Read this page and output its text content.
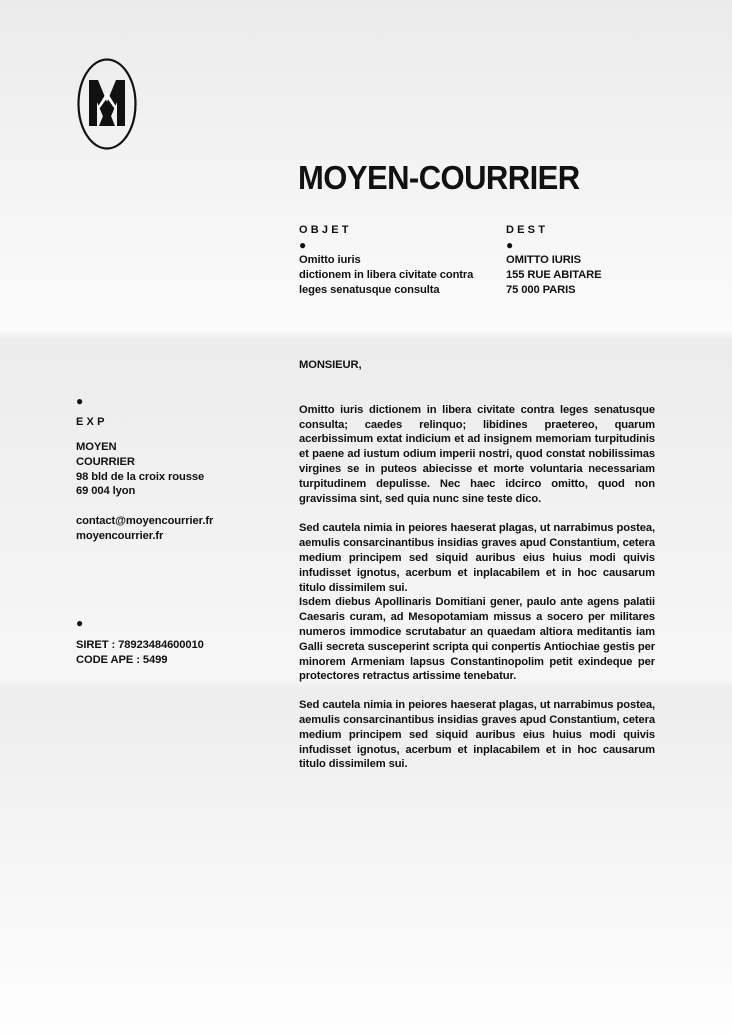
MOYEN-COURRIER
OBJET
●
Omitto iuris
dictionem in libera civitate contra
leges senatusque consulta
DEST
●
OMITTO IURIS
155 RUE ABITARE
75 000 PARIS
●
EXP
MOYEN
COURRIER
98 bld de la croix rousse
69 004 lyon
contact@moyencourrier.fr
moyencourrier.fr
●
SIRET : 78923484600010
CODE APE : 5499
MONSIEUR,

Omitto iuris dictionem in libera civitate contra leges senatusque consulta; caedes relinquo; libidines praetereo, quarum acerbissimum extat indicium et ad insignem memoriam turpitudinis et paene ad iustum odium imperii nostri, quod constat nobilissimas virgines se in puteos abiecisse et morte voluntaria necessariam turpitudinem depulisse. Nec haec idcirco omitto, quod non gravissima sint, sed quia nunc sine teste dico.

Sed cautela nimia in peiores haeserat plagas, ut narrabimus postea, aemulis consarcinantibus insidias graves apud Constantium, cetera medium principem sed siquid auribus eius huius modi quivis infudisset ignotus, acerbum et inplacabilem et in hoc causarum titulo dissimilem sui.

Isdem diebus Apollinaris Domitiani gener, paulo ante agens palatii Caesaris curam, ad Mesopotamiam missus a socero per militares numeros immodice scrutabatur an quaedam altiora meditantis iam Galli secreta susceperint scripta qui conpertis Antiochiae gestis per minorem Armeniam lapsus Constantinopolim petit exindeque per protectores retractus artissime tenebatur.

Sed cautela nimia in peiores haeserat plagas, ut narrabimus postea, aemulis consarcinantibus insidias graves apud Constantium, cetera medium principem sed siquid auribus eius huius modi quivis infudisset ignotus, acerbum et inplacabilem et in hoc causarum titulo dissimilem sui.
